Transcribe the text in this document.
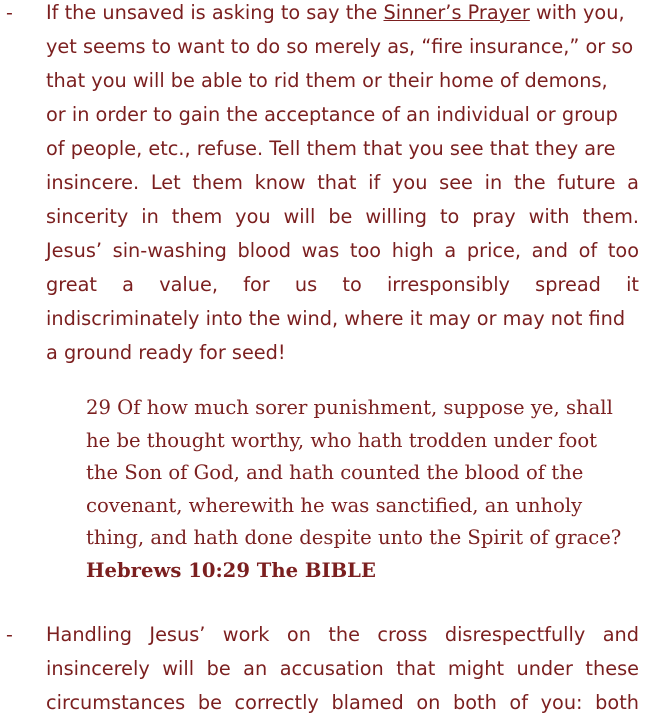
- If the unsaved is asking to say the Sinner’s Prayer with you,
yet seems to want to do so merely as, “fire insurance,” or so
that you will be able to rid them or their home of demons,
or in order to gain the acceptance of an individual or group
of people, etc., refuse. Tell them that you see that they are
insincere. Let them know that if you see in the future a
sincerity in them you will be willing to pray with them.
Jesus’ sin-washing blood was too high a price, and of too
great a value, for us to irresponsibly spread it
indiscriminately into the wind, where it may or may not find
a ground ready for seed!
29 Of how much sorer punishment, suppose ye, shall
he be thought worthy, who hath trodden under foot
the Son of God, and hath counted the blood of the
covenant, wherewith he was sanctified, an unholy
thing, and hath done despite unto the Spirit of grace?
Hebrews 10:29 The BIBLE
- Handling Jesus’ work on the cross disrespectfully and
insincerely will be an accusation that might under these
circumstances be correctly blamed on both of you: both
